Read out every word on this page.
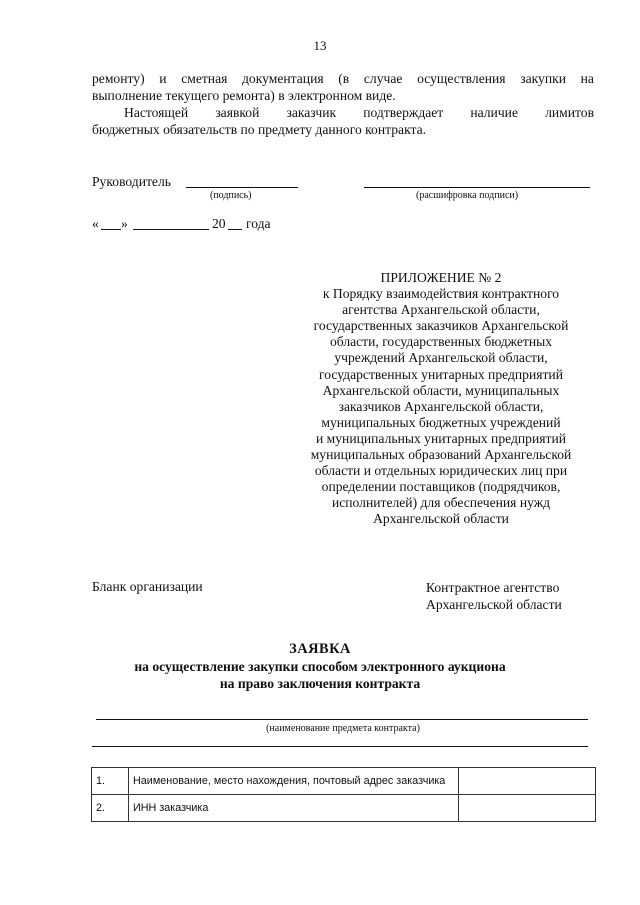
13
ремонту) и сметная документация (в случае осуществления закупки на
выполнение текущего ремонта) в электронном виде.
Настоящей заявкой заказчик подтверждает наличие лимитов
бюджетных обязательств по предмету данного контракта.
Руководитель
(подпись)	(расшифровка подписи)
« »	20 года
ПРИЛОЖЕНИЕ № 2
к Порядку взаимодействия контрактного
агентства Архангельской области,
государственных заказчиков Архангельской
области, государственных бюджетных
учреждений Архангельской области,
государственных унитарных предприятий
Архангельской области, муниципальных
заказчиков Архангельской области,
муниципальных бюджетных учреждений
и муниципальных унитарных предприятий
муниципальных образований Архангельской
области и отдельных юридических лиц при
определении поставщиков (подрядчиков,
исполнителей) для обеспечения нужд
Архангельской области
Бланк организации	Контрактное агентство
Архангельской области
ЗАЯВКА
на осуществление закупки способом электронного аукциона
на право заключения контракта
(наименование предмета контракта)
1.	Наименование, место нахождения, почтовый адрес заказчика	
2.	ИНН заказчика	
